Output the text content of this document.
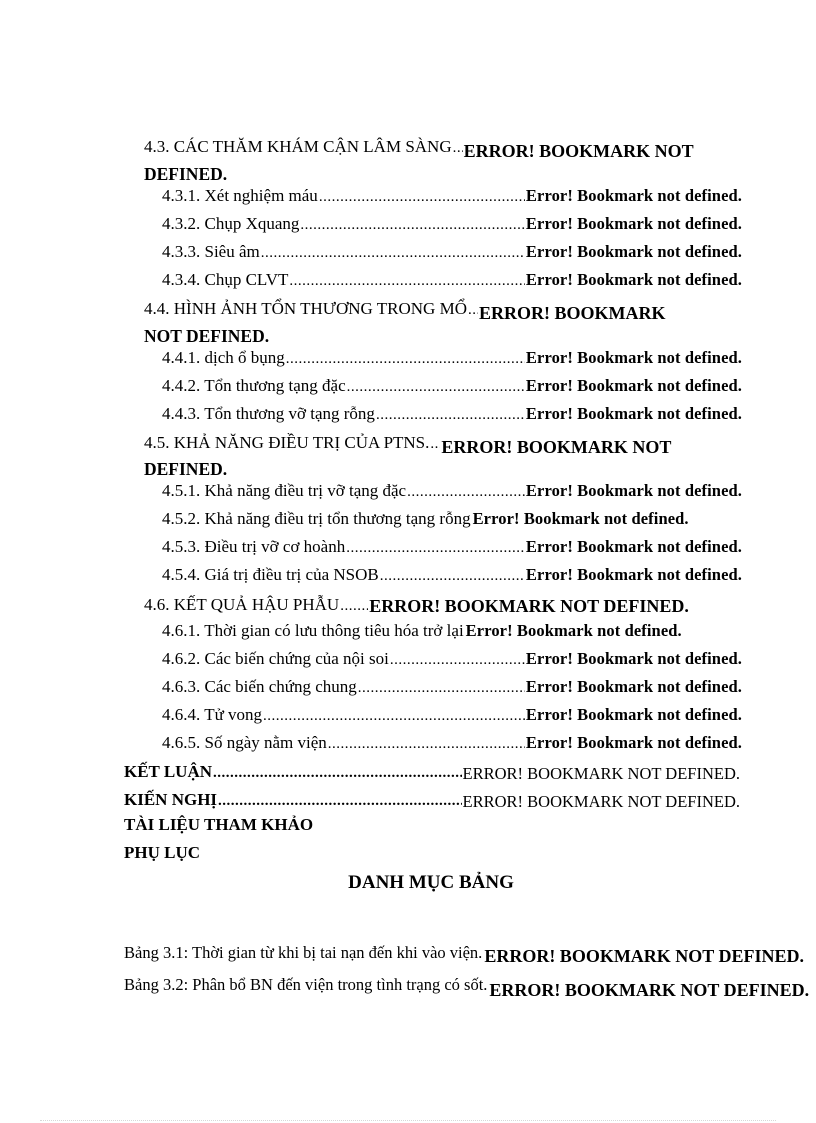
4.3. CÁC THĂM KHÁM CẬN LÂM SÀNG ..... ERROR! BOOKMARK NOT
DEFINED.
4.3.1. Xét nghiệm máu .....	Error! Bookmark not defined.
4.3.2. Chụp Xquang .....	Error! Bookmark not defined.
4.3.3. Siêu âm .....	Error! Bookmark not defined.
4.3.4. Chụp CLVT .....	Error! Bookmark not defined.
4.4. HÌNH ẢNH TỔN THƯƠNG TRONG MỔ ..... ERROR! BOOKMARK
NOT DEFINED.
4.4.1. dịch ổ bụng .....	Error! Bookmark not defined.
4.4.2. Tổn thương tạng đặc .....	Error! Bookmark not defined.
4.4.3. Tổn thương vỡ tạng rỗng .....	Error! Bookmark not defined.
4.5. KHẢ NĂNG ĐIỀU TRỊ CỦA PTNS. ..... ERROR! BOOKMARK NOT
DEFINED.
4.5.1. Khả năng điều trị vỡ tạng đặc .....	Error! Bookmark not defined.
4.5.2. Khả năng điều trị tổn thương tạng rỗng Error! Bookmark not defined.
4.5.3. Điều trị vỡ cơ hoành .....	Error! Bookmark not defined.
4.5.4. Giá trị điều trị của NSOB .....	Error! Bookmark not defined.
4.6. KẾT QUẢ HẬU PHẪU ..... ERROR! BOOKMARK NOT DEFINED.
4.6.1. Thời gian có lưu thông tiêu hóa trở lại Error! Bookmark not defined.
4.6.2. Các biến chứng của nội soi .....	Error! Bookmark not defined.
4.6.3. Các biến chứng chung .....	Error! Bookmark not defined.
4.6.4. Tử vong .....	Error! Bookmark not defined.
4.6.5. Số ngày nằm viện .....	Error! Bookmark not defined.
KẾT LUẬN .....	ERROR! BOOKMARK NOT DEFINED.
KIẾN NGHỊ .....	ERROR! BOOKMARK NOT DEFINED.
TÀI LIỆU THAM KHẢO
PHỤ LỤC
DANH MỤC BẢNG
Bảng 3.1: Thời gian từ khi bị tai nạn đến khi vào viện. ERROR! BOOKMARK NOT DEFINED.
Bảng 3.2: Phân bổ BN đến viện trong tình trạng có sốt. ERROR! BOOKMARK NOT DEFINED.
